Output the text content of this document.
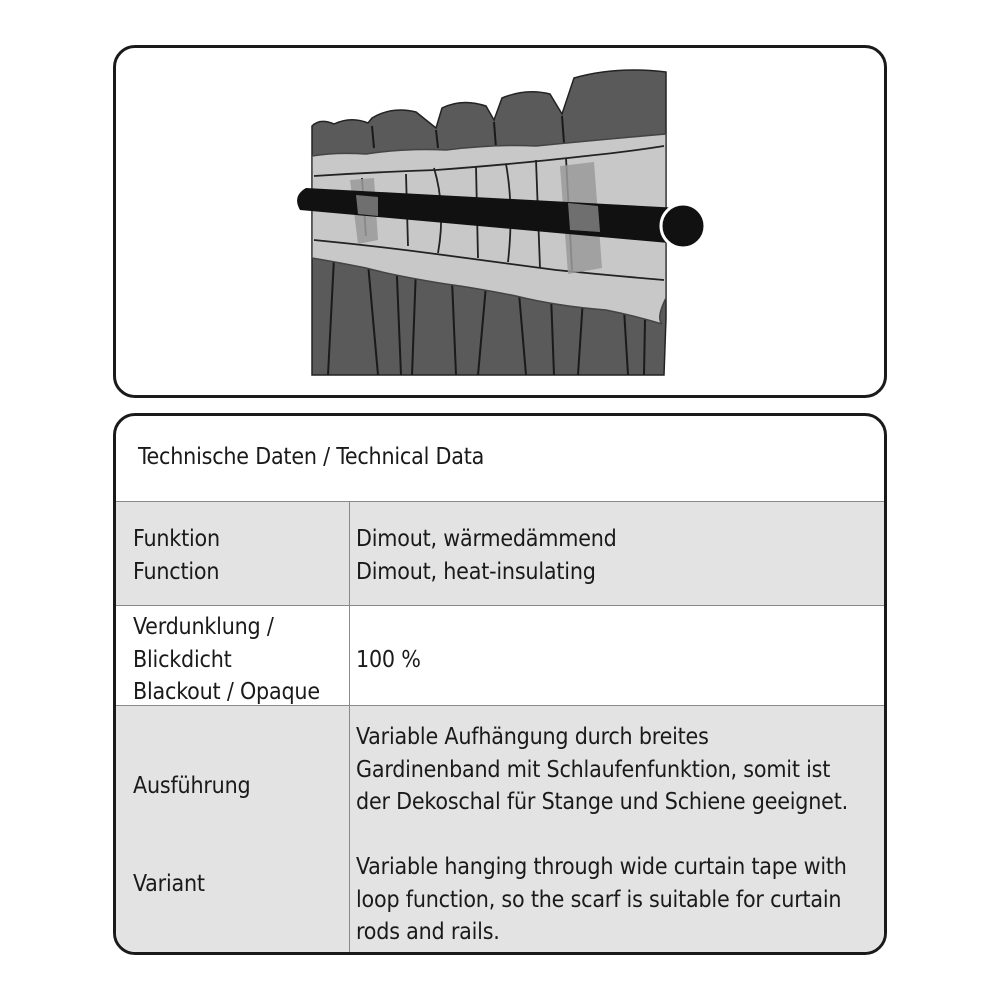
Technische Daten / Technical Data
Funktion
Function
Dimout, wärmedämmend
Dimout, heat-insulating
Verdunklung /
Blickdicht
Blackout / Opaque
100 %
Ausführung
Variable Aufhängung durch breites
Gardinenband mit Schlaufenfunktion, somit ist
der Dekoschal für Stange und Schiene geeignet.
Variant
Variable hanging through wide curtain tape with
loop function, so the scarf is suitable for curtain
rods and rails.
